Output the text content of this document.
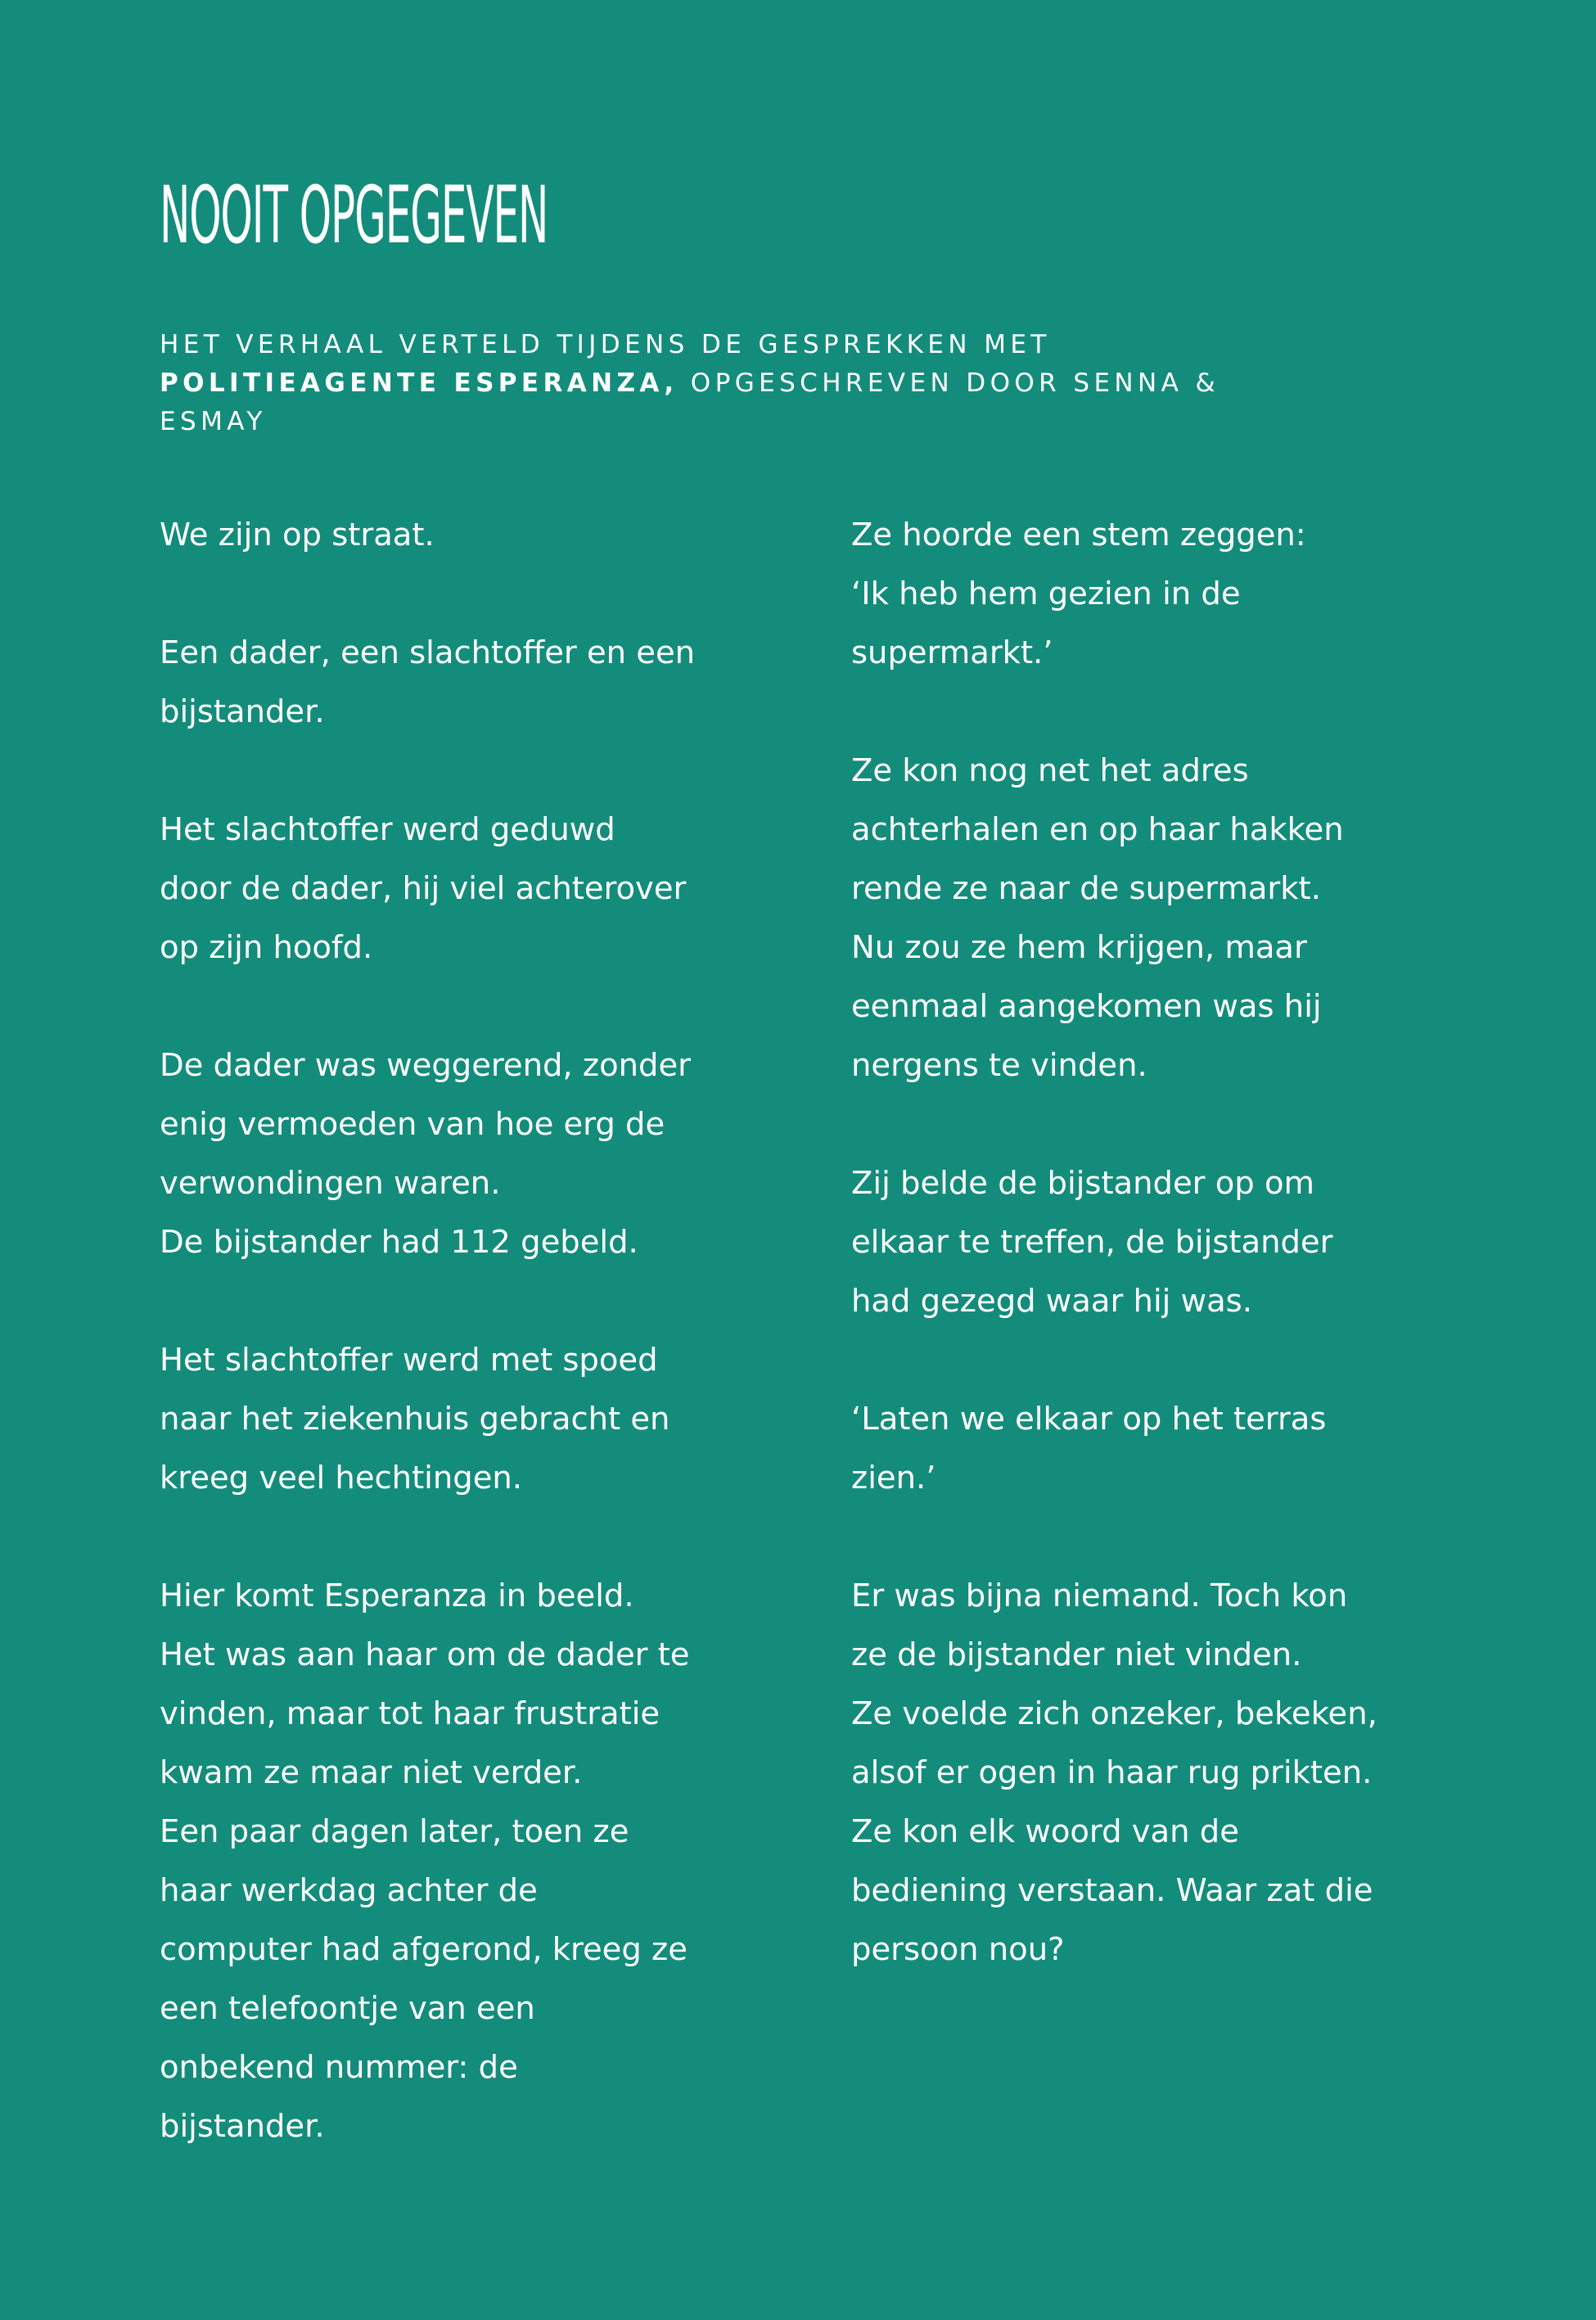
NOOIT OPGEGEVEN

HET VERHAAL VERTELD TIJDENS DE GESPREKKEN MET
POLITIEAGENTE ESPERANZA, OPGESCHREVEN DOOR SENNA &
ESMAY

We zijn op straat.

Een dader, een slachtoffer en een
bijstander.

Het slachtoffer werd geduwd
door de dader, hij viel achterover
op zijn hoofd.

De dader was weggerend, zonder
enig vermoeden van hoe erg de
verwondingen waren.
De bijstander had 112 gebeld.

Het slachtoffer werd met spoed
naar het ziekenhuis gebracht en
kreeg veel hechtingen.

Hier komt Esperanza in beeld.
Het was aan haar om de dader te
vinden, maar tot haar frustratie
kwam ze maar niet verder.
Een paar dagen later, toen ze
haar werkdag achter de
computer had afgerond, kreeg ze
een telefoontje van een
onbekend nummer: de
bijstander.

Ze hoorde een stem zeggen:
‘Ik heb hem gezien in de
supermarkt.’

Ze kon nog net het adres
achterhalen en op haar hakken
rende ze naar de supermarkt.
Nu zou ze hem krijgen, maar
eenmaal aangekomen was hij
nergens te vinden.

Zij belde de bijstander op om
elkaar te treffen, de bijstander
had gezegd waar hij was.

‘Laten we elkaar op het terras
zien.’

Er was bijna niemand. Toch kon
ze de bijstander niet vinden.
Ze voelde zich onzeker, bekeken,
alsof er ogen in haar rug prikten.
Ze kon elk woord van de
bediening verstaan. Waar zat die
persoon nou?
